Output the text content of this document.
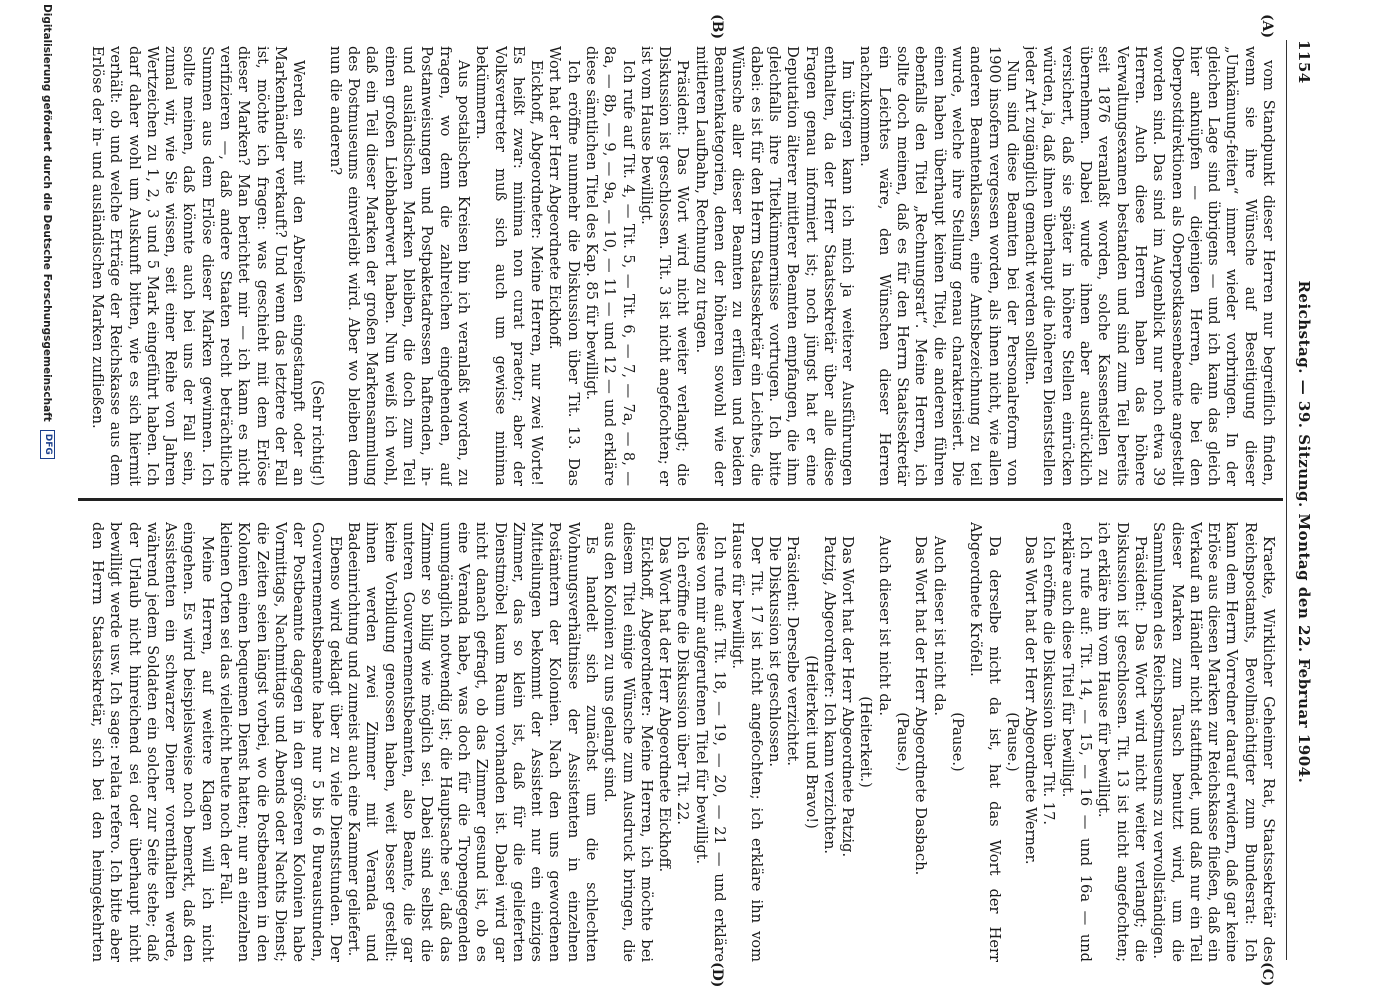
1154
Reichstag. — 39. Sitzung. Montag den 22. Februar 1904.
(A)
(B)
(C)
(D)

vom Standpunkt dieser Herren nur begreiflich finden, wenn sie ihre Wünsche auf Beseitigung dieser „Umkämung-feiten“ immer wieder vorbringen. In der gleichen Lage sind übrigens — und ich kann das gleich hier anknüpfen — diejenigen Herren, die bei den Oberpostdirektionen als Oberpostkassenbeamte angestellt worden sind. Das sind im Augenblick nur noch etwa 39 Herren. Auch diese Herren haben das höhere Verwaltungsexamen bestanden und sind zum Teil bereits seit 1876 veranlaßt worden, solche Kassenstellen zu übernehmen. Dabei wurde ihnen aber ausdrücklich versichert, daß sie später in höhere Stellen einrücken würden, ja, daß ihnen überhaupt die höheren Dienststellen jeder Art zugänglich gemacht werden sollten.

Nun sind diese Beamten bei der Personalreform von 1900 insofern vergessen worden, als ihnen nicht, wie allen anderen Beamtenklassen, eine Amtsbezeichnung zu teil wurde, welche ihre Stellung genau charakterisiert. Die einen haben überhaupt keinen Titel, die anderen führen ebenfalls den Titel „Rechnungsrat“. Meine Herren, ich sollte doch meinen, daß es für den Herrn Staatssekretär ein Leichtes wäre, den Wünschen dieser Herren nachzukommen.

Im übrigen kann ich mich ja weiterer Ausführungen enthalten, da der Herr Staatssekretär über alle diese Fragen genau informiert ist; noch jüngst hat er eine Deputation älterer mittlerer Beamten empfangen, die ihm gleichfalls ihre Titelkümmernisse vortrugen. Ich bitte dabei: es ist für den Herrn Staatssekretär ein Leichtes, die Wünsche aller dieser Beamten zu erfüllen und beiden Beamtenkategorien, denen der höheren sowohl wie der mittleren Laufbahn, Rechnung zu tragen.

Präsident: Das Wort wird nicht weiter verlangt; die Diskussion ist geschlossen. Tit. 3 ist nicht angefochten; er ist vom Hause bewilligt.

Ich rufe auf Tit. 4, — Tit. 5, — Tit. 6, — 7, — 7a, — 8, — 8a, — 8b, — 9, — 9a, — 10, — 11 — und 12 — und erkläre diese sämtlichen Titel des Kap. 85 für bewilligt.

Ich eröffne nunmehr die Diskussion über Tit. 13. Das Wort hat der Herr Abgeordnete Eickhoff.

Eickhoff, Abgeordneter: Meine Herren, nur zwei Worte! Es heißt zwar: minima non curat praetor; aber der Volksvertreter muß sich auch um gewisse minima bekümmern.

Aus postalischen Kreisen bin ich veranlaßt worden, zu fragen, wo denn die zahlreichen eingehenden, auf Postanweisungen und Postpaketadressen haftenden, in- und ausländischen Marken bleiben, die doch zum Teil einen großen Liebhaberwert haben. Nun weiß ich wohl, daß ein Teil dieser Marken der großen Markensammlung des Postmuseums einverleibt wird. Aber wo bleiben denn nun die anderen?

(Sehr richtig!)

Werden sie mit den Abreißen eingestampft oder an Markenhändler verkauft? Und wenn das letztere der Fall ist, möchte ich fragen: was geschieht mit dem Erlöse dieser Marken? Man berichtet mir — ich kann es nicht verifizieren —, daß andere Staaten recht beträchtliche Summen aus dem Erlöse dieser Marken gewinnen. Ich sollte meinen, daß könnte auch bei uns der Fall sein, zumal wir, wie Sie wissen, seit einer Reihe von Jahren Wertzeichen zu 1, 2, 3 und 5 Mark eingeführt haben. Ich darf daher wohl um Auskunft bitten, wie es sich hiermit verhält: ob und welche Erträge der Reichskasse aus dem Erlöse der in- und ausländischen Marken zufließen.

Kraetke, Wirklicher Geheimer Rat, Staatssekretär des Reichspostamts, Bevollmächtigter zum Bundesrat: Ich kann dem Herrn Vorredner darauf erwidern, daß gar keine Erlöse aus diesen Marken zur Reichskasse fließen, daß ein Verkauf an Händler nicht stattfindet, und daß nur ein Teil dieser Marken zum Tausch benutzt wird, um die Sammlungen des Reichspostmuseums zu vervollständigen.

Präsident: Das Wort wird nicht weiter verlangt; die Diskussion ist geschlossen. Tit. 13 ist nicht angefochten; ich erkläre ihn vom Hause für bewilligt.

Ich rufe auf: Tit. 14, — 15, — 16 — und 16a — und erkläre auch diese Titel für bewilligt.

Ich eröffne die Diskussion über Tit. 17.

Das Wort hat der Herr Abgeordnete Werner.

(Pause.)

Da derselbe nicht da ist, hat das Wort der Herr Abgeordnete Kröfell.

(Pause.)

Auch dieser ist nicht da.

Das Wort hat der Herr Abgeordnete Dasbach.

(Pause.)

Auch dieser ist nicht da.

(Heiterkeit.)

Das Wort hat der Herr Abgeordnete Patzig.

Patzig, Abgeordneter: Ich kann verzichten.

(Heiterkeit und Bravo!)

Präsident: Derselbe verzichtet.

Die Diskussion ist geschlossen.

Der Tit. 17 ist nicht angefochten; ich erkläre ihn vom Hause für bewilligt.

Ich rufe auf: Tit. 18, — 19, — 20, — 21 — und erkläre diese von mir aufgerufenen Titel für bewilligt.

Ich eröffne die Diskussion über Tit. 22.

Das Wort hat der Herr Abgeordnete Eickhoff.

Eickhoff, Abgeordneter: Meine Herren, ich möchte bei diesem Titel einige Wünsche zum Ausdruck bringen, die aus den Kolonien zu uns gelangt sind.

Es handelt sich zunächst um die schlechten Wohnungsverhältnisse der Assistenten in einzelnen Postämtern der Kolonien. Nach den uns gewordenen Mitteilungen bekommt der Assistent nur ein einziges Zimmer, das so klein ist, daß für die gelieferten Dienstmöbel kaum Raum vorhanden ist. Dabei wird gar nicht danach gefragt, ob das Zimmer gesund ist, ob es eine Veranda habe, was doch für die Tropengegenden unumgänglich notwendig ist; die Hauptsache sei, daß das Zimmer so billig wie möglich sei. Dabei sind selbst die unteren Gouvernementsbeamten, also Beamte, die gar keine Vorbildung genossen haben, weit besser gestellt: ihnen werden zwei Zimmer mit Veranda und Badeeinrichtung und zumeist auch eine Kammer geliefert.

Ebenso wird geklagt über zu viele Dienststunden. Der Gouvernementsbeamte habe nur 5 bis 6 Bureaustunden, der Postbeamte dagegen in den größeren Kolonien habe Vormittags, Nachmittags und Abends oder Nachts Dienst; die Zeiten seien längst vorbei, wo die Postbeamten in den Kolonien einen bequemen Dienst hatten; nur an einzelnen kleinen Orten sei das vielleicht heute noch der Fall.

Meine Herren, auf weitere Klagen will ich nicht eingehen. Es wird beispielsweise noch bemerkt, daß den Assistenten ein schwarzer Diener vorenthalten werde, während jedem Soldaten ein solcher zur Seite stehe; daß der Urlaub nicht hinreichend sei oder überhaupt nicht bewilligt werde usw. Ich sage: relata refero. Ich bitte aber den Herrn Staatssekretär, sich bei den heimgekehrten

Digitalisierung gefördert durch die Deutsche Forschungsgemeinschaft
DFG
